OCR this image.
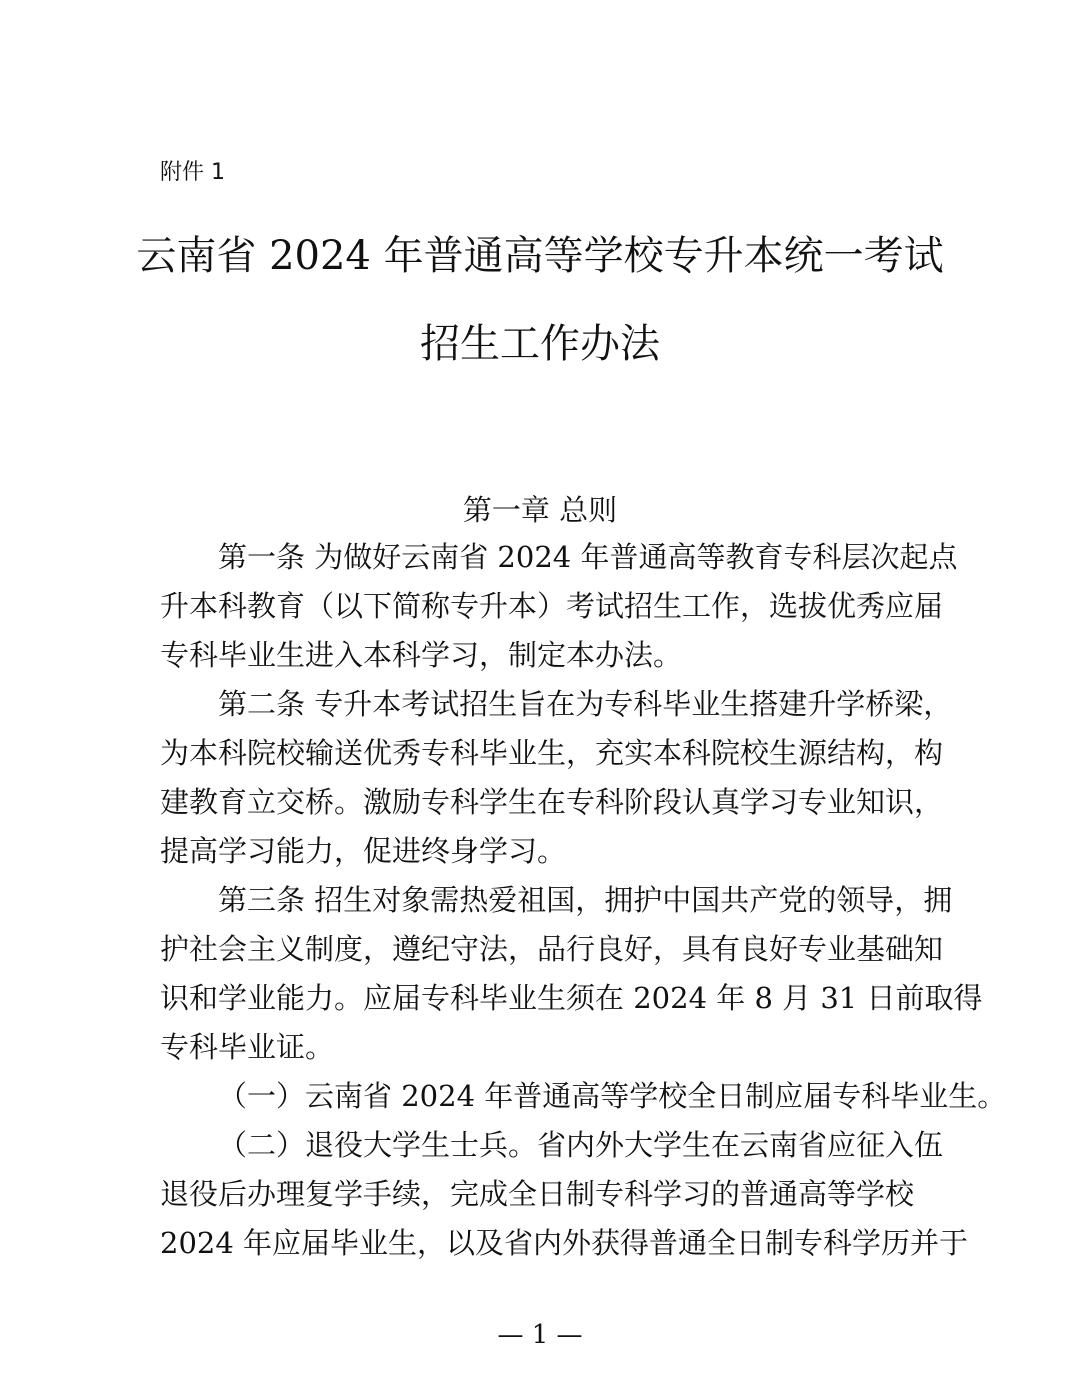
附件 1
云南省 2024 年普通高等学校专升本统一考试
招生工作办法
第一章 总则
第一条 为做好云南省 2024 年普通高等教育专科层次起点
升本科教育（以下简称专升本）考试招生工作，选拔优秀应届
专科毕业生进入本科学习，制定本办法。
第二条 专升本考试招生旨在为专科毕业生搭建升学桥梁，
为本科院校输送优秀专科毕业生，充实本科院校生源结构，构
建教育立交桥。激励专科学生在专科阶段认真学习专业知识，
提高学习能力，促进终身学习。
第三条 招生对象需热爱祖国，拥护中国共产党的领导，拥
护社会主义制度，遵纪守法，品行良好，具有良好专业基础知
识和学业能力。应届专科毕业生须在 2024 年 8 月 31 日前取得
专科毕业证。
（一）云南省 2024 年普通高等学校全日制应届专科毕业生。
（二）退役大学生士兵。省内外大学生在云南省应征入伍
退役后办理复学手续，完成全日制专科学习的普通高等学校
2024 年应届毕业生，以及省内外获得普通全日制专科学历并于
— 1 —
